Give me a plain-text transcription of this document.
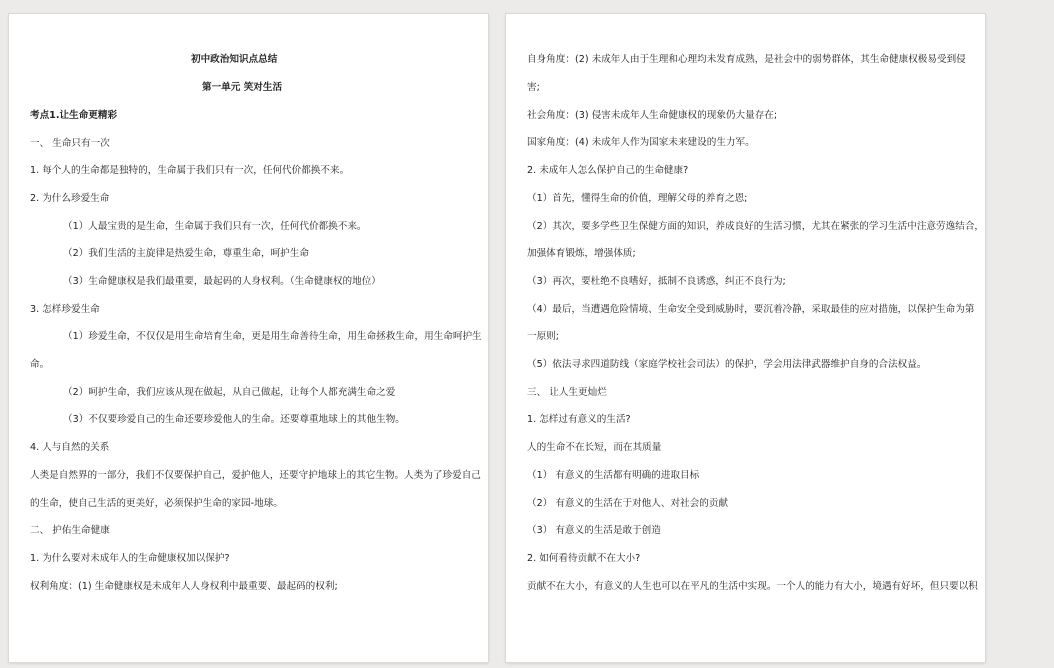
初中政治知识点总结
第一单元 笑对生活
考点1.让生命更精彩
一、 生命只有一次
1. 每个人的生命都是独特的，生命属于我们只有一次，任何代价都换不来。
2. 为什么珍爱生命
（1）人最宝贵的是生命，生命属于我们只有一次，任何代价都换不来。
（2）我们生活的主旋律是热爱生命，尊重生命，呵护生命
（3）生命健康权是我们最重要，最起码的人身权利。（生命健康权的地位）
3. 怎样珍爱生命
（1）珍爱生命，不仅仅是用生命培育生命，更是用生命善待生命，用生命拯救生命，用生命呵护生
命。
（2）呵护生命，我们应该从现在做起，从自己做起，让每个人都充满生命之爱
（3）不仅要珍爱自己的生命还要珍爱他人的生命。还要尊重地球上的其他生物。
4. 人与自然的关系
人类是自然界的一部分，我们不仅要保护自己，爱护他人，还要守护地球上的其它生物。人类为了珍爱自己
的生命，使自己生活的更美好，必须保护生命的家园-地球。
二、 护佑生命健康
1. 为什么要对未成年人的生命健康权加以保护?
权利角度：(1) 生命健康权是未成年人人身权利中最重要、最起码的权利;
自身角度：(2) 未成年人由于生理和心理均未发育成熟，是社会中的弱势群体，其生命健康权极易受到侵
害;
社会角度：(3) 侵害未成年人生命健康权的现象仍大量存在;
国家角度：(4) 未成年人作为国家未来建设的生力军。
2. 未成年人怎么保护自己的生命健康?
（1）首先，懂得生命的价值，理解父母的养育之恩;
（2）其次，要多学些卫生保健方面的知识，养成良好的生活习惯，尤其在紧张的学习生活中注意劳逸结合，
加强体育锻炼，增强体质;
（3）再次，要杜绝不良嗜好，抵制不良诱惑，纠正不良行为;
（4）最后，当遭遇危险情境、生命安全受到威胁时，要沉着冷静，采取最佳的应对措施，以保护生命为第
一原则;
（5）依法寻求四道防线（家庭学校社会司法）的保护，学会用法律武器维护自身的合法权益。
三、 让人生更灿烂
1. 怎样过有意义的生活?
人的生命不在长短，而在其质量
（1） 有意义的生活都有明确的进取目标
（2） 有意义的生活在于对他人、对社会的贡献
（3） 有意义的生活是敢于创造
2. 如何看待贡献不在大小?
贡献不在大小，有意义的人生也可以在平凡的生活中实现。一个人的能力有大小，境遇有好坏，但只要以积
